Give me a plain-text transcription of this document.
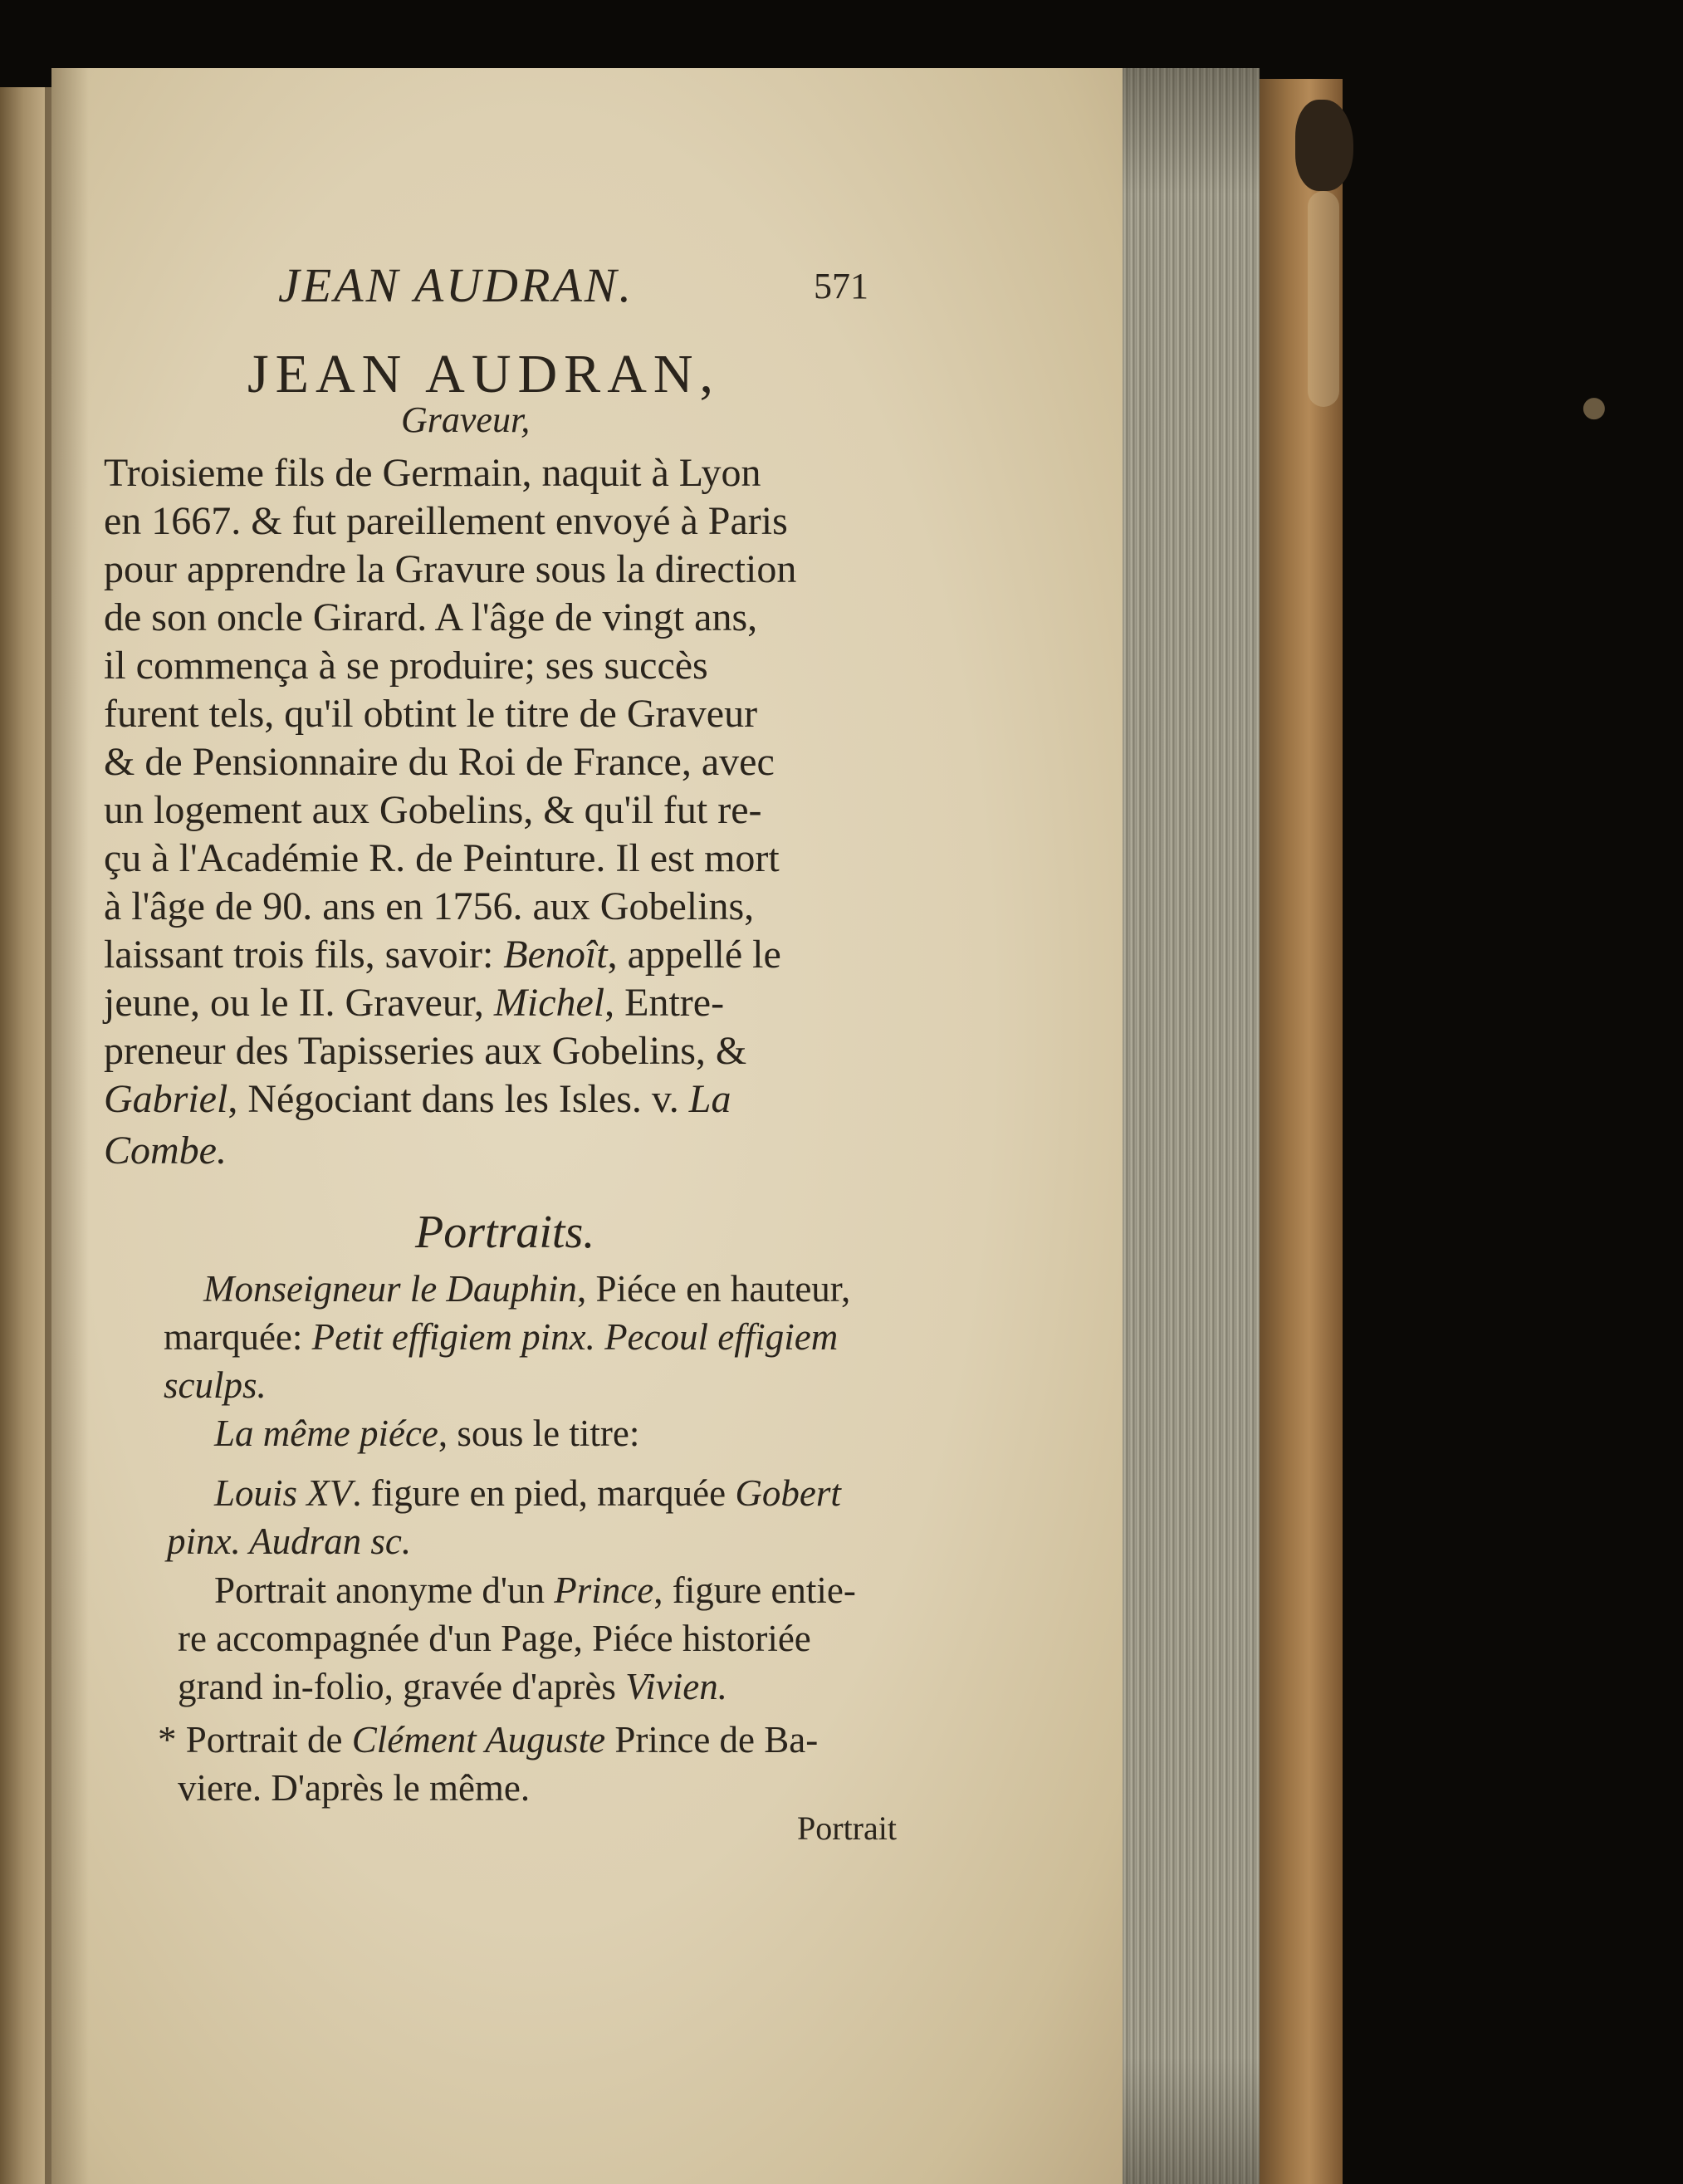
●
JEAN AUDRAN.	571
JEAN AUDRAN,
Graveur,
Troisieme fils de Germain, naquit à Lyon
en 1667. & fut pareillement envoyé à Paris
pour apprendre la Gravure sous la direction
de son oncle Girard. A l'âge de vingt ans,
il commença à se produire; ses succès
furent tels, qu'il obtint le titre de Graveur
& de Pensionnaire du Roi de France, avec
un logement aux Gobelins, & qu'il fut re-
çu à l'Académie R. de Peinture. Il est mort
à l'âge de 90. ans en 1756. aux Gobelins,
laissant trois fils, savoir: Benoît, appellé le
jeune, ou le II. Graveur, Michel, Entre-
preneur des Tapisseries aux Gobelins, &
Gabriel, Négociant dans les Isles. v. La
Combe.
Portraits.
Monseigneur le Dauphin, Piéce en hauteur,
marquée: Petit effigiem pinx. Pecoul effigiem
sculps.
La même piéce, sous le titre:
Louis XV. figure en pied, marquée Gobert
pinx. Audran sc.
Portrait anonyme d'un Prince, figure entie-
re accompagnée d'un Page, Piéce historiée
grand in-folio, gravée d'après Vivien.
* Portrait de Clément Auguste Prince de Ba-
viere. D'après le même.
Portrait
